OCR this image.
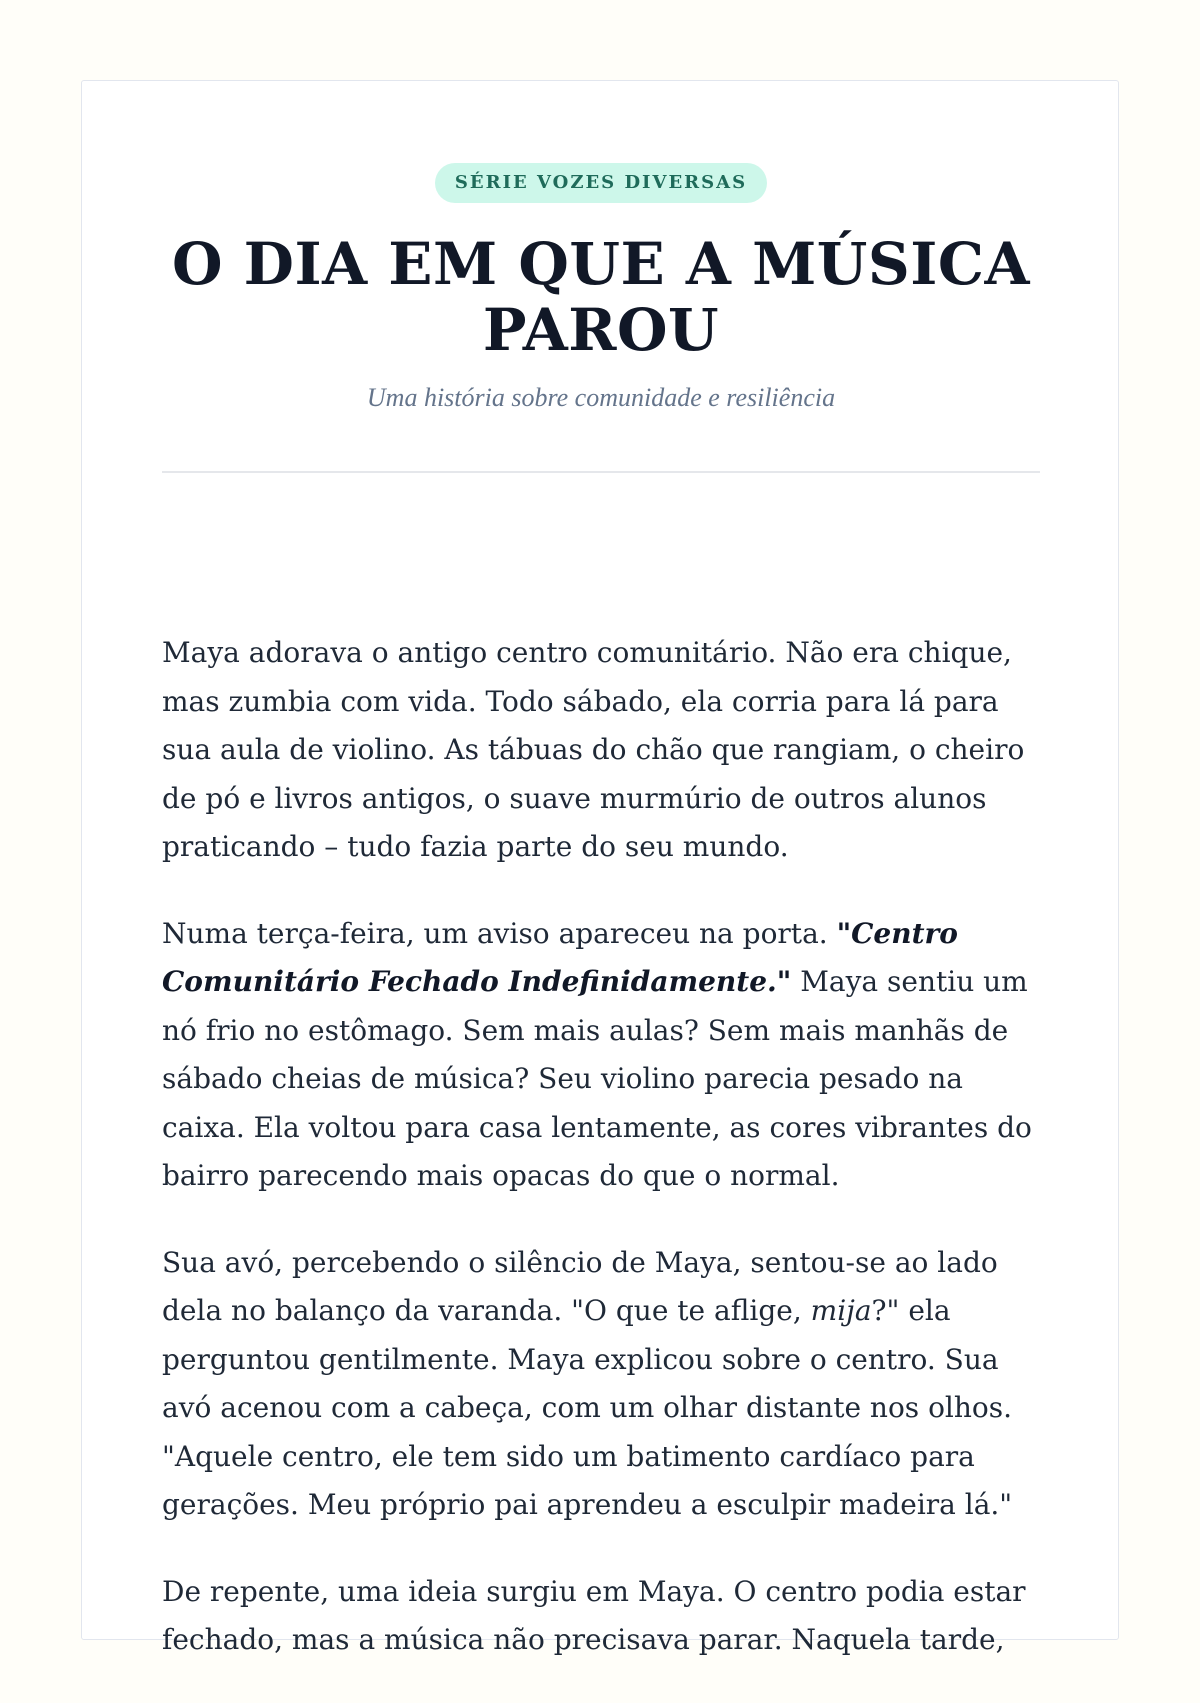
SÉRIE VOZES DIVERSAS
O DIA EM QUE A MÚSICA PAROU
Uma história sobre comunidade e resiliência

Maya adorava o antigo centro comunitário. Não era chique, mas zumbia com vida. Todo sábado, ela corria para lá para sua aula de violino. As tábuas do chão que rangiam, o cheiro de pó e livros antigos, o suave murmúrio de outros alunos praticando – tudo fazia parte do seu mundo.

Numa terça-feira, um aviso apareceu na porta. "Centro Comunitário Fechado Indefinidamente." Maya sentiu um nó frio no estômago. Sem mais aulas? Sem mais manhãs de sábado cheias de música? Seu violino parecia pesado na caixa. Ela voltou para casa lentamente, as cores vibrantes do bairro parecendo mais opacas do que o normal.

Sua avó, percebendo o silêncio de Maya, sentou-se ao lado dela no balanço da varanda. "O que te aflige, mija?" ela perguntou gentilmente. Maya explicou sobre o centro. Sua avó acenou com a cabeça, com um olhar distante nos olhos. "Aquele centro, ele tem sido um batimento cardíaco para gerações. Meu próprio pai aprendeu a esculpir madeira lá."

De repente, uma ideia surgiu em Maya. O centro podia estar fechado, mas a música não precisava parar. Naquela tarde,
